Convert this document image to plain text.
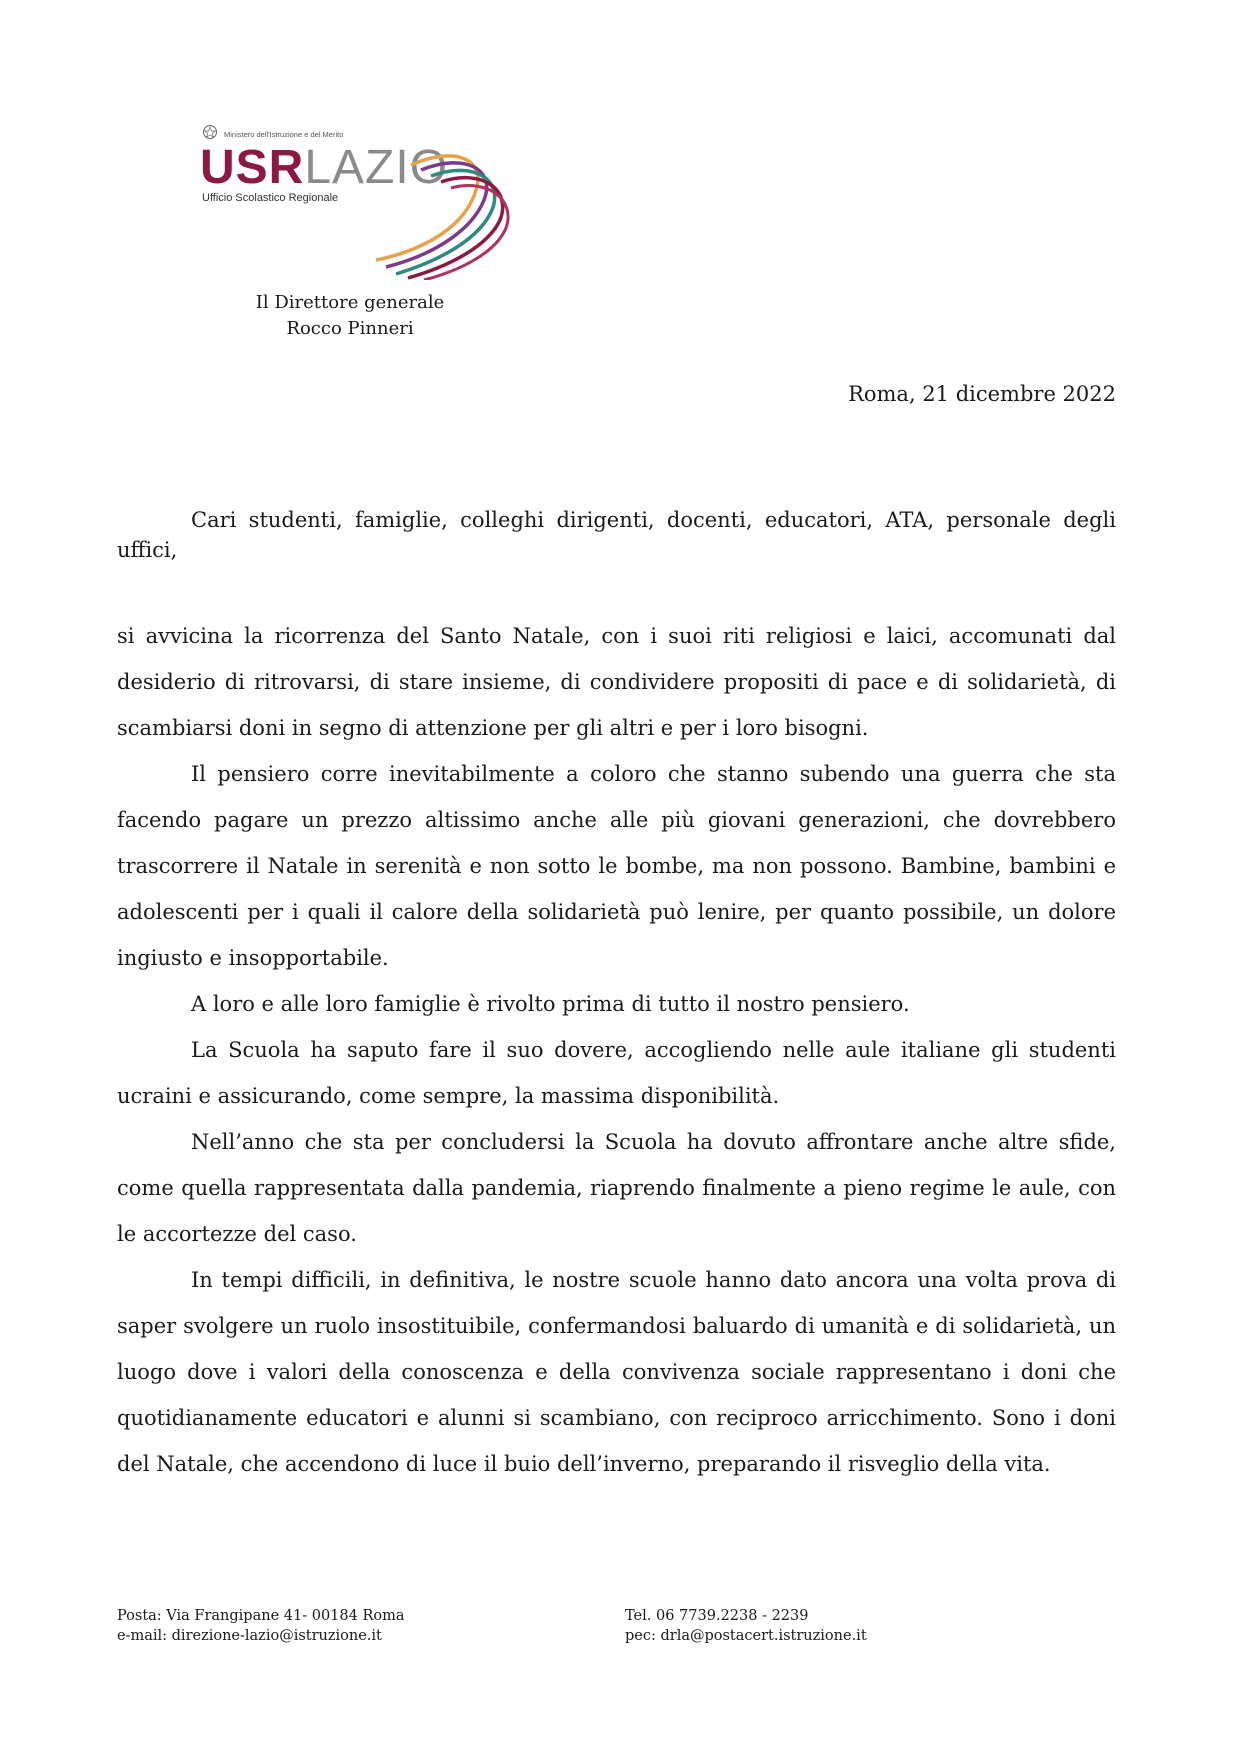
Ministero dell'Istruzione e del Merito
USRLAZIO
Ufficio Scolastico Regionale
Il Direttore generale
Rocco Pinneri
Roma, 21 dicembre 2022

Cari studenti, famiglie, colleghi dirigenti, docenti, educatori, ATA, personale degli uffici,

si avvicina la ricorrenza del Santo Natale, con i suoi riti religiosi e laici, accomunati dal desiderio di ritrovarsi, di stare insieme, di condividere propositi di pace e di solidarietà, di scambiarsi doni in segno di attenzione per gli altri e per i loro bisogni.

Il pensiero corre inevitabilmente a coloro che stanno subendo una guerra che sta facendo pagare un prezzo altissimo anche alle più giovani generazioni, che dovrebbero trascorrere il Natale in serenità e non sotto le bombe, ma non possono. Bambine, bambini e adolescenti per i quali il calore della solidarietà può lenire, per quanto possibile, un dolore ingiusto e insopportabile.

A loro e alle loro famiglie è rivolto prima di tutto il nostro pensiero.

La Scuola ha saputo fare il suo dovere, accogliendo nelle aule italiane gli studenti ucraini e assicurando, come sempre, la massima disponibilità.

Nell’anno che sta per concludersi la Scuola ha dovuto affrontare anche altre sfide, come quella rappresentata dalla pandemia, riaprendo finalmente a pieno regime le aule, con le accortezze del caso.

In tempi difficili, in definitiva, le nostre scuole hanno dato ancora una volta prova di saper svolgere un ruolo insostituibile, confermandosi baluardo di umanità e di solidarietà, un luogo dove i valori della conoscenza e della convivenza sociale rappresentano i doni che quotidianamente educatori e alunni si scambiano, con reciproco arricchimento. Sono i doni del Natale, che accendono di luce il buio dell’inverno, preparando il risveglio della vita.

Posta: Via Frangipane 41- 00184 Roma
e-mail: direzione-lazio@istruzione.it
Tel. 06 7739.2238 - 2239
pec: drla@postacert.istruzione.it
